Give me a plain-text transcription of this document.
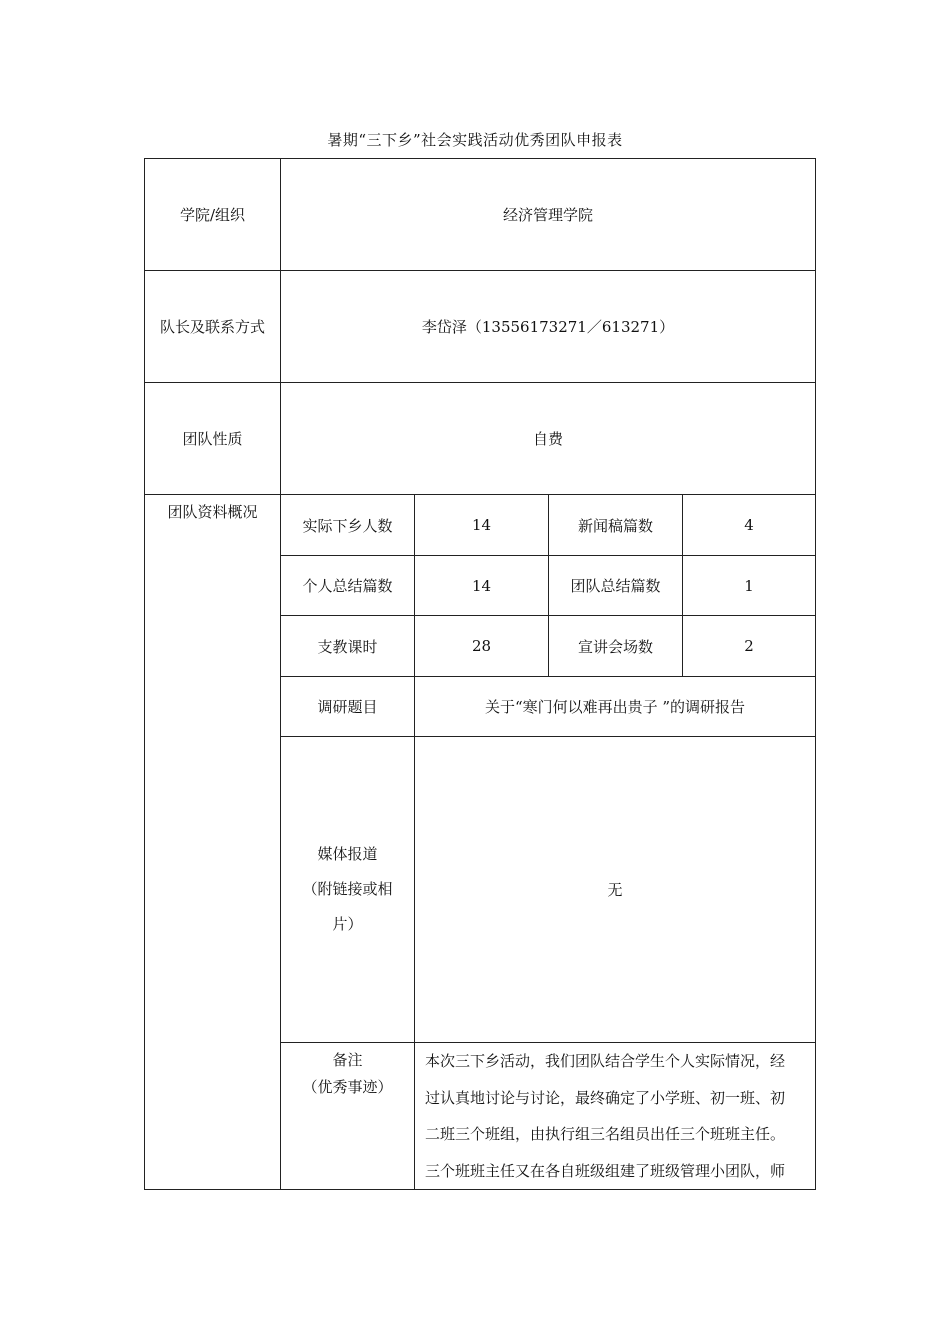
暑期“三下乡”社会实践活动优秀团队申报表
学院/组织	经济管理学院			
队长及联系方式	李岱泽（13556173271／613271）			
团队性质	自费			
团队资料概况	实际下乡人数	14	新闻稿篇数	4
	个人总结篇数	14	团队总结篇数	1
	支教课时	28	宣讲会场数	2
	调研题目	关于“寒门何以难再出贵子 ”的调研报告		

	媒体报道
（附链接或相
片）	无		

	备注
（优秀事迹）	本次三下乡活动，我们团队结合学生个人实际情况，经
过认真地讨论与讨论，最终确定了小学班、初一班、初
二班三个班组，由执行组三名组员出任三个班班主任。
三个班班主任又在各自班级组建了班级管理小团队，师		
